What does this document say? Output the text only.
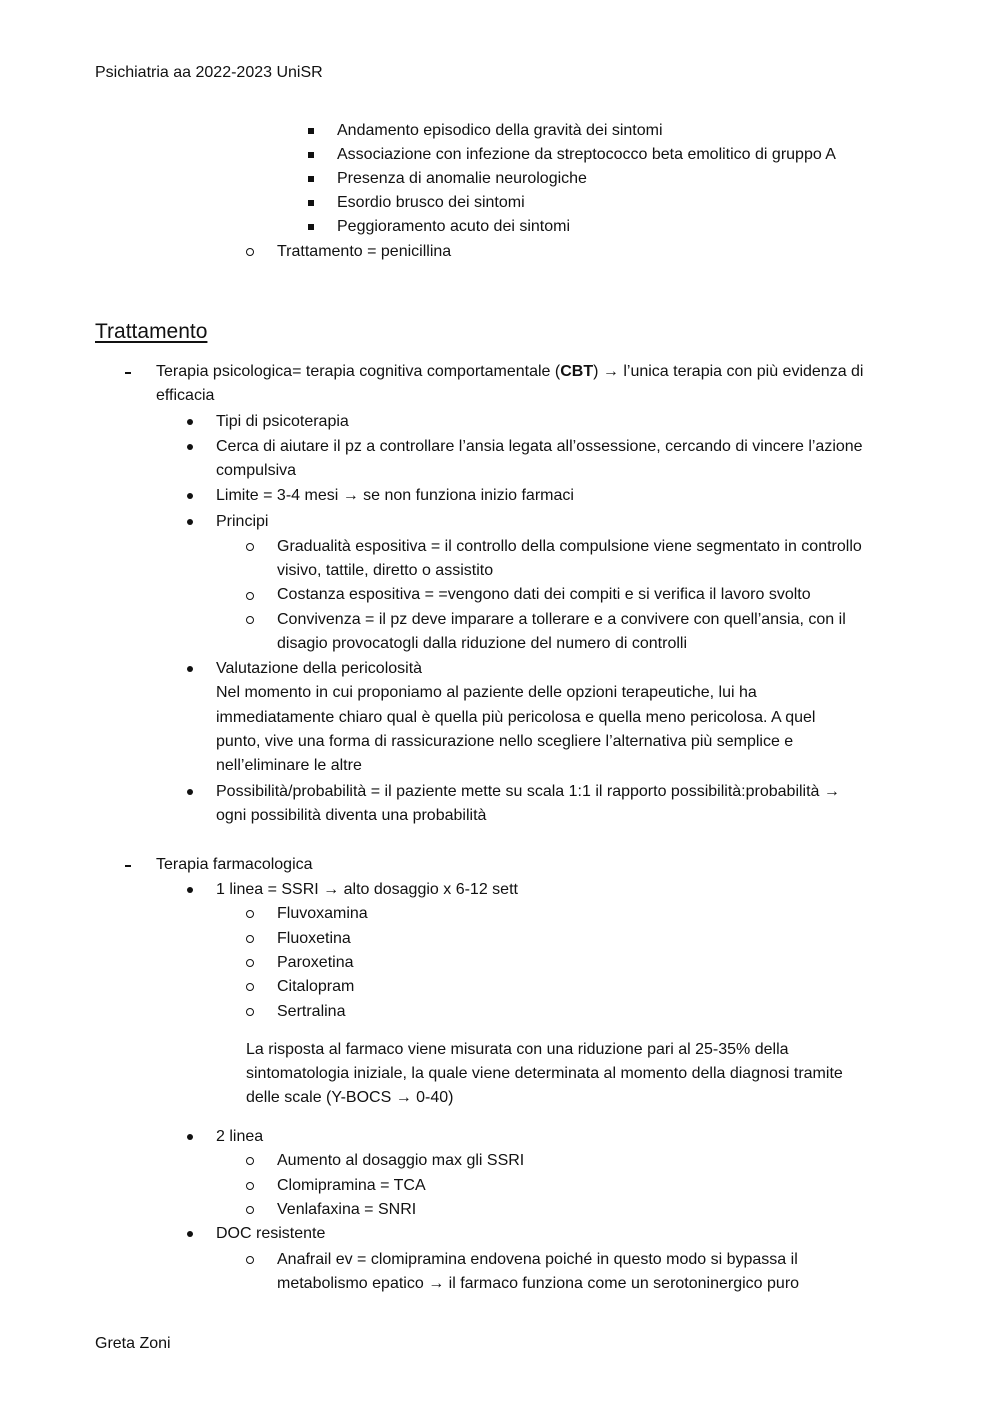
Psichiatria aa 2022-2023 UniSR
Andamento episodico della gravità dei sintomi
Associazione con infezione da streptococco beta emolitico di gruppo A
Presenza di anomalie neurologiche
Esordio brusco dei sintomi
Peggioramento acuto dei sintomi
Trattamento = penicillina
Trattamento
Terapia psicologica= terapia cognitiva comportamentale (CBT) → l’unica terapia con più evidenza di
efficacia
Tipi di psicoterapia
Cerca di aiutare il pz a controllare l’ansia legata all’ossessione, cercando di vincere l’azione
compulsiva
Limite = 3-4 mesi → se non funziona inizio farmaci
Principi
Gradualità espositiva = il controllo della compulsione viene segmentato in controllo
visivo, tattile, diretto o assistito
Costanza espositiva = =vengono dati dei compiti e si verifica il lavoro svolto
Convivenza = il pz deve imparare a tollerare e a convivere con quell’ansia, con il
disagio provocatogli dalla riduzione del numero di controlli
Valutazione della pericolosità
Nel momento in cui proponiamo al paziente delle opzioni terapeutiche, lui ha
immediatamente chiaro qual è quella più pericolosa e quella meno pericolosa. A quel
punto, vive una forma di rassicurazione nello scegliere l’alternativa più semplice e
nell’eliminare le altre
Possibilità/probabilità = il paziente mette su scala 1:1 il rapporto possibilità:probabilità →
ogni possibilità diventa una probabilità
Terapia farmacologica
1 linea = SSRI → alto dosaggio x 6-12 sett
Fluvoxamina
Fluoxetina
Paroxetina
Citalopram
Sertralina
La risposta al farmaco viene misurata con una riduzione pari al 25-35% della
sintomatologia iniziale, la quale viene determinata al momento della diagnosi tramite
delle scale (Y-BOCS → 0-40)
2 linea
Aumento al dosaggio max gli SSRI
Clomipramina = TCA
Venlafaxina = SNRI
DOC resistente
Anafrail ev = clomipramina endovena poiché in questo modo si bypassa il
metabolismo epatico → il farmaco funziona come un serotoninergico puro
Greta Zoni
